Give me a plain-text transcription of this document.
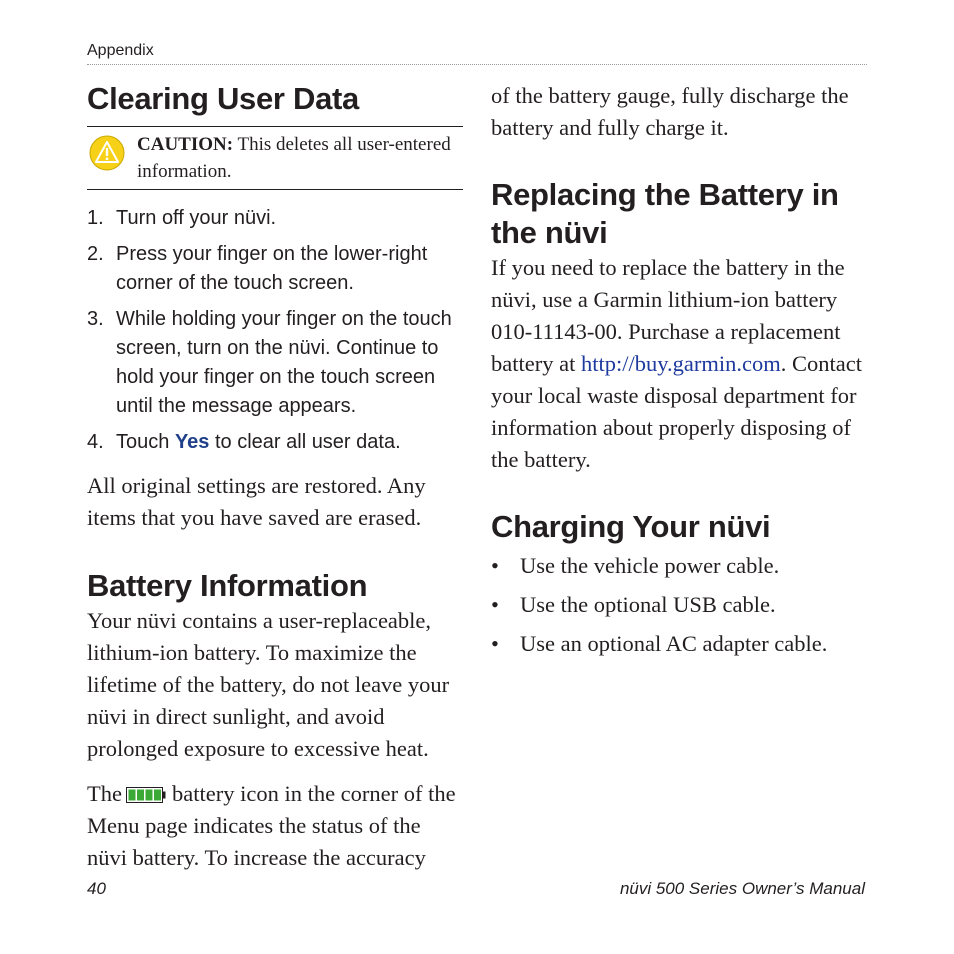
Appendix
Clearing User Data
CAUTION: This deletes all user-entered information.
1. Turn off your nüvi.
2. Press your finger on the lower-right corner of the touch screen.
3. While holding your finger on the touch screen, turn on the nüvi. Continue to hold your finger on the touch screen until the message appears.
4. Touch Yes to clear all user data.

All original settings are restored. Any items that you have saved are erased.

Battery Information

Your nüvi contains a user-replaceable, lithium-ion battery. To maximize the lifetime of the battery, do not leave your nüvi in direct sunlight, and avoid prolonged exposure to excessive heat.

The battery icon in the corner of the Menu page indicates the status of the nüvi battery. To increase the accuracy

of the battery gauge, fully discharge the battery and fully charge it.

Replacing the Battery in the nüvi

If you need to replace the battery in the nüvi, use a Garmin lithium-ion battery 010-11143-00. Purchase a replacement battery at http://buy.garmin.com. Contact your local waste disposal department for information about properly disposing of the battery.

Charging Your nüvi
• Use the vehicle power cable.
• Use the optional USB cable.
• Use an optional AC adapter cable.
40	nüvi 500 Series Owner’s Manual
